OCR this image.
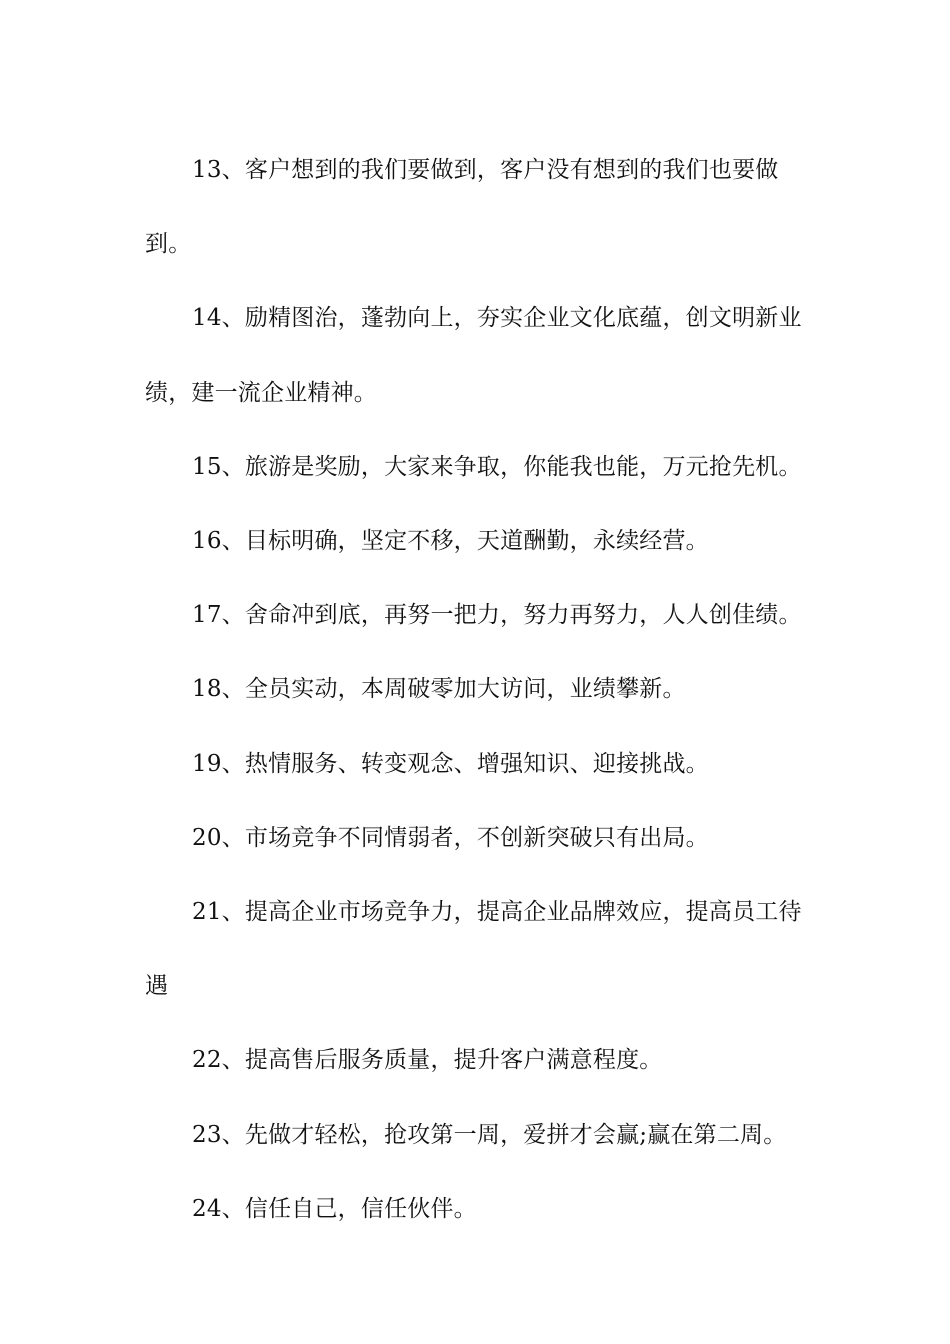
13、客户想到的我们要做到，客户没有想到的我们也要做到。

14、励精图治，蓬勃向上，夯实企业文化底蕴，创文明新业绩，建一流企业精神。

15、旅游是奖励，大家来争取，你能我也能，万元抢先机。

16、目标明确，坚定不移，天道酬勤，永续经营。

17、舍命冲到底，再努一把力，努力再努力，人人创佳绩。

18、全员实动，本周破零加大访问，业绩攀新。

19、热情服务、转变观念、增强知识、迎接挑战。

20、市场竞争不同情弱者，不创新突破只有出局。

21、提高企业市场竞争力，提高企业品牌效应，提高员工待遇

22、提高售后服务质量，提升客户满意程度。

23、先做才轻松，抢攻第一周，爱拼才会赢;赢在第二周。

24、信任自己，信任伙伴。
